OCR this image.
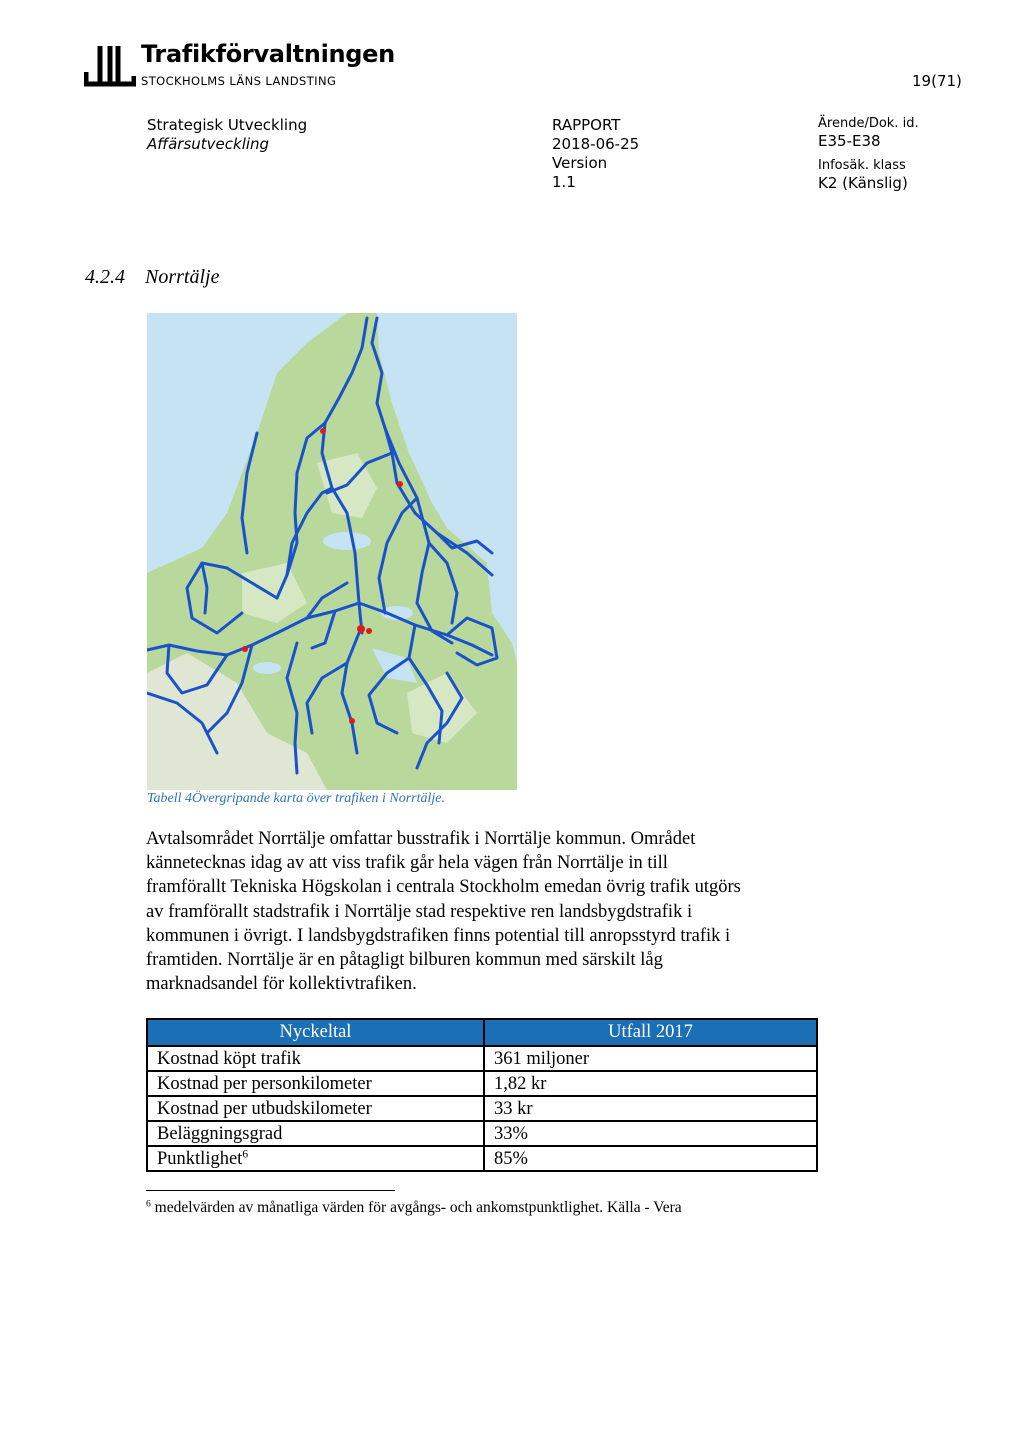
Trafikförvaltningen
STOCKHOLMS LÄNS LANDSTING	19(71)
Strategisk Utveckling
Affärsutveckling
RAPPORT
2018-06-25
Version
1.1
Ärende/Dok. id.
E35-E38
Infosäk. klass
K2 (Känslig)
4.2.4 Norrtälje
Tabell 4Övergripande karta över trafiken i Norrtälje.
Avtalsområdet Norrtälje omfattar busstrafik i Norrtälje kommun. Området
kännetecknas idag av att viss trafik går hela vägen från Norrtälje in till
framförallt Tekniska Högskolan i centrala Stockholm emedan övrig trafik utgörs
av framförallt stadstrafik i Norrtälje stad respektive ren landsbygdstrafik i
kommunen i övrigt. I landsbygdstrafiken finns potential till anropsstyrd trafik i
framtiden. Norrtälje är en påtagligt bilburen kommun med särskilt låg
marknadsandel för kollektivtrafiken.
Nyckeltal	Utfall 2017
Kostnad köpt trafik	361 miljoner
Kostnad per personkilometer	1,82 kr
Kostnad per utbudskilometer	33 kr
Beläggningsgrad	33%
Punktlighet$^6$	85%
$^6$ medelvärden av månatliga värden för avgångs- och ankomstpunktlighet. Källa - Vera
